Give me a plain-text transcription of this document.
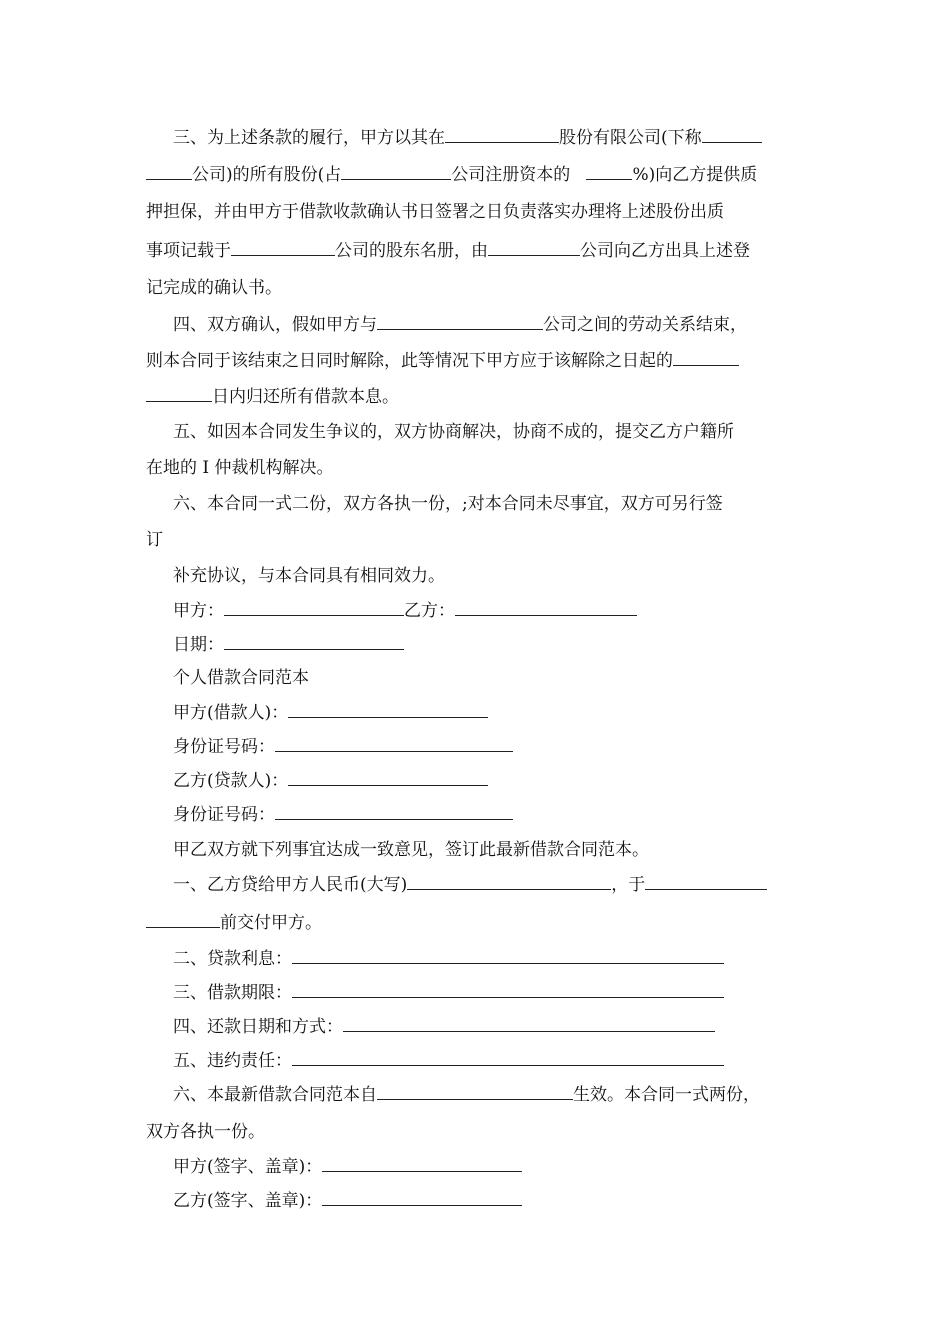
三、为上述条款的履行，甲方以其在	股份有限公司(下称
公司)的所有股份(占	公司注册资本的	%)向乙方提供质
押担保，并由甲方于借款收款确认书日签署之日负责落实办理将上述股份出质
事项记载于	公司的股东名册，由	公司向乙方出具上述登
记完成的确认书。
四、双方确认，假如甲方与	公司之间的劳动关系结束，
则本合同于该结束之日同时解除，此等情况下甲方应于该解除之日起的
日内归还所有借款本息。
五、如因本合同发生争议的，双方协商解决，协商不成的，提交乙方户籍所
在地的 I 仲裁机构解决。
六、本合同一式二份，双方各执一份，;对本合同未尽事宜，双方可另行签
订
补充协议，与本合同具有相同效力。
甲方：	乙方：
日期：
个人借款合同范本
甲方(借款人)：
身份证号码：
乙方(贷款人)：
身份证号码：
甲乙双方就下列事宜达成一致意见，签订此最新借款合同范本。
一、乙方贷给甲方人民币(大写)	，于
前交付甲方。
二、贷款利息：
三、借款期限：
四、还款日期和方式：
五、违约责任：
六、本最新借款合同范本自	生效。本合同一式两份，
双方各执一份。
甲方(签字、盖章)：
乙方(签字、盖章)：
